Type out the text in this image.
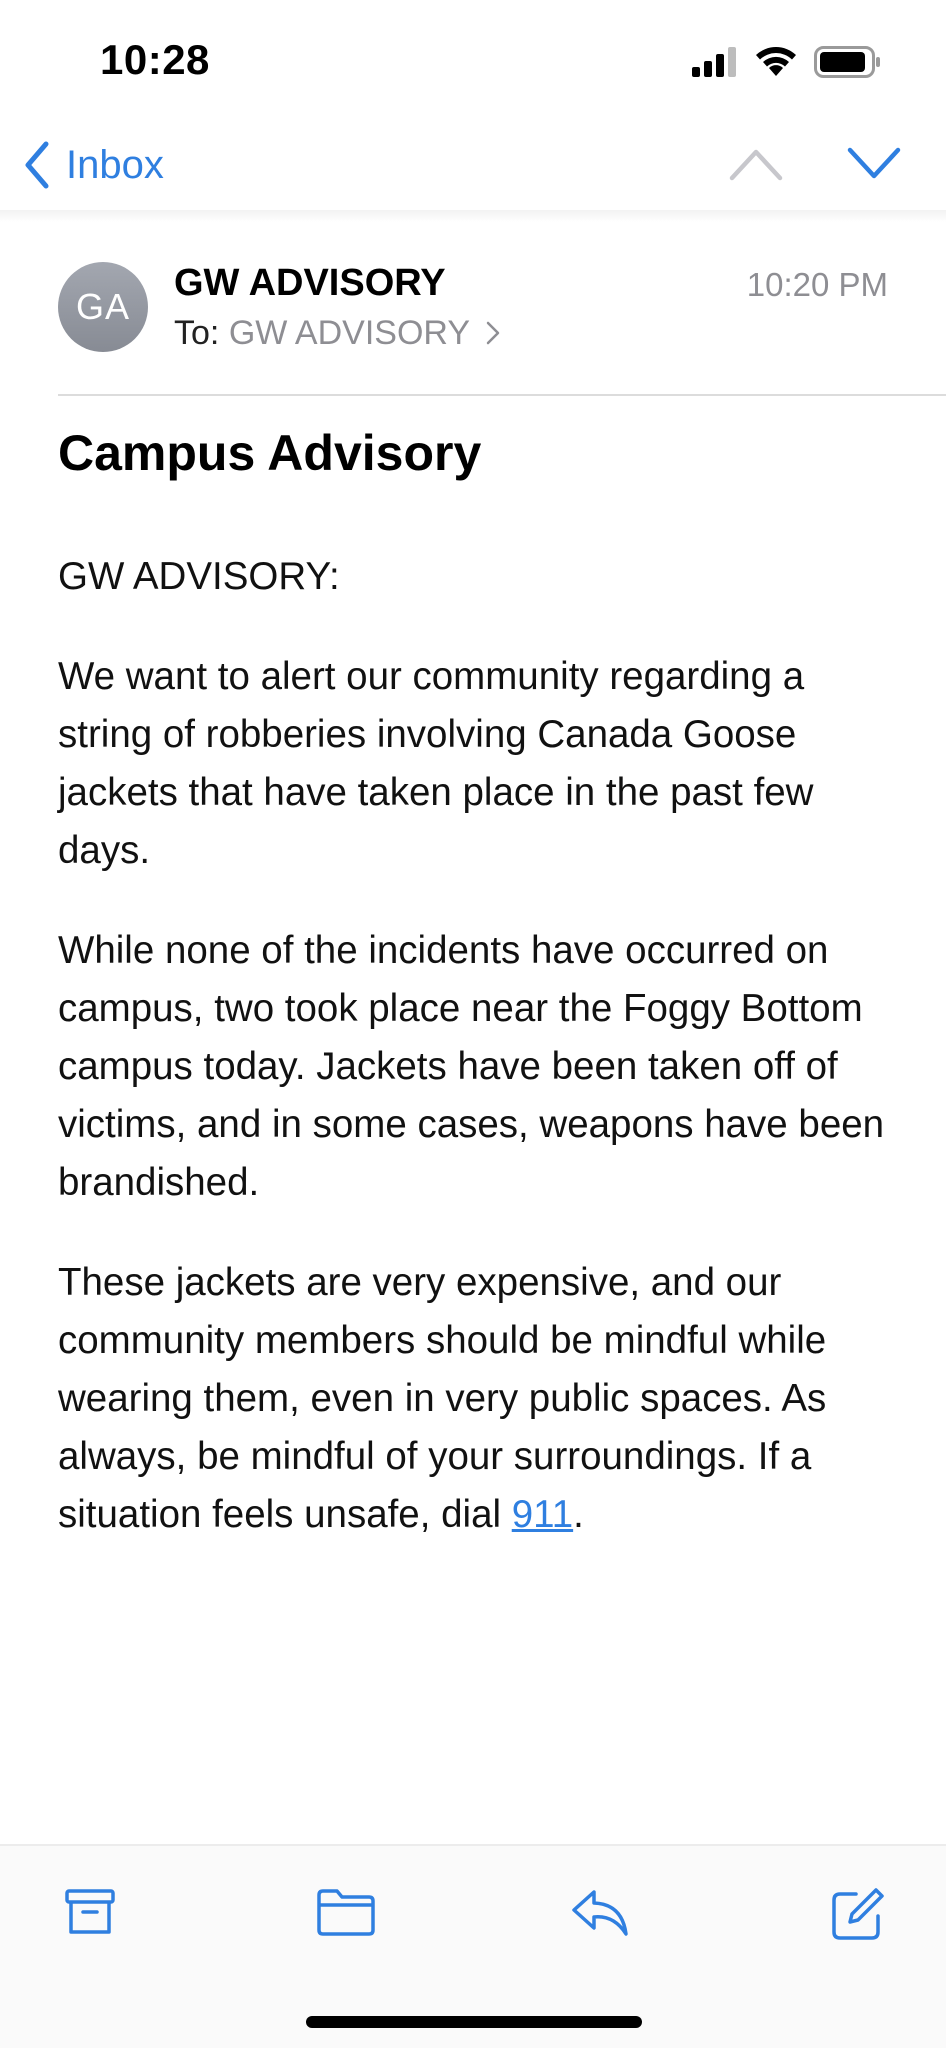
10:28
Inbox
GA
GW ADVISORY
To: GW ADVISORY
10:20 PM
Campus Advisory

GW ADVISORY:

We want to alert our community regarding a string of robberies involving Canada Goose jackets that have taken place in the past few days.

While none of the incidents have occurred on campus, two took place near the Foggy Bottom campus today. Jackets have been taken off of victims, and in some cases, weapons have been brandished.

These jackets are very expensive, and our community members should be mindful while wearing them, even in very public spaces. As always, be mindful of your surroundings. If a situation feels unsafe, dial 911.
